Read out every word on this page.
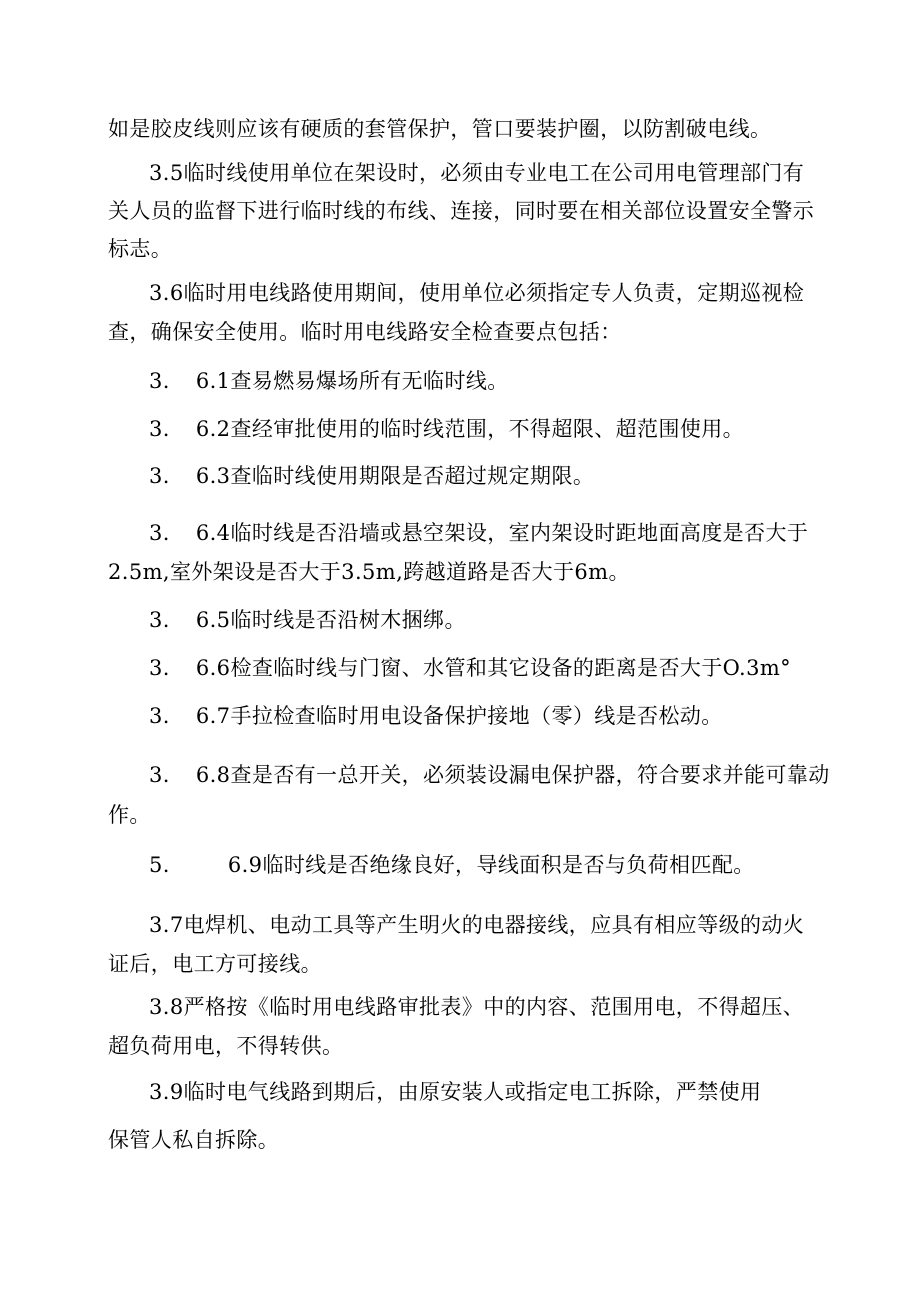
如是胶皮线则应该有硬质的套管保护，管口要装护圈，以防割破电线。
3.5临时线使用单位在架设时，必须由专业电工在公司用电管理部门有
关人员的监督下进行临时线的布线、连接，同时要在相关部位设置安全警示
标志。
3.6临时用电线路使用期间，使用单位必须指定专人负责，定期巡视检
查，确保安全使用。临时用电线路安全检查要点包括：
3. 6.1查易燃易爆场所有无临时线。
3. 6.2查经审批使用的临时线范围，不得超限、超范围使用。
3. 6.3查临时线使用期限是否超过规定期限。
3. 6.4临时线是否沿墙或悬空架设，室内架设时距地面高度是否大于
2.5m,室外架设是否大于3.5m,跨越道路是否大于6m。
3. 6.5临时线是否沿树木捆绑。
3. 6.6检查临时线与门窗、水管和其它设备的距离是否大于O.3m°
3. 6.7手拉检查临时用电设备保护接地（零）线是否松动。
3. 6.8查是否有一总开关，必须装设漏电保护器，符合要求并能可靠动
作。
5.	6.9临时线是否绝缘良好，导线面积是否与负荷相匹配。
3.7电焊机、电动工具等产生明火的电器接线，应具有相应等级的动火
证后，电工方可接线。
3.8严格按《临时用电线路审批表》中的内容、范围用电，不得超压、
超负荷用电，不得转供。
3.9临时电气线路到期后，由原安装人或指定电工拆除，严禁使用
保管人私自拆除。
